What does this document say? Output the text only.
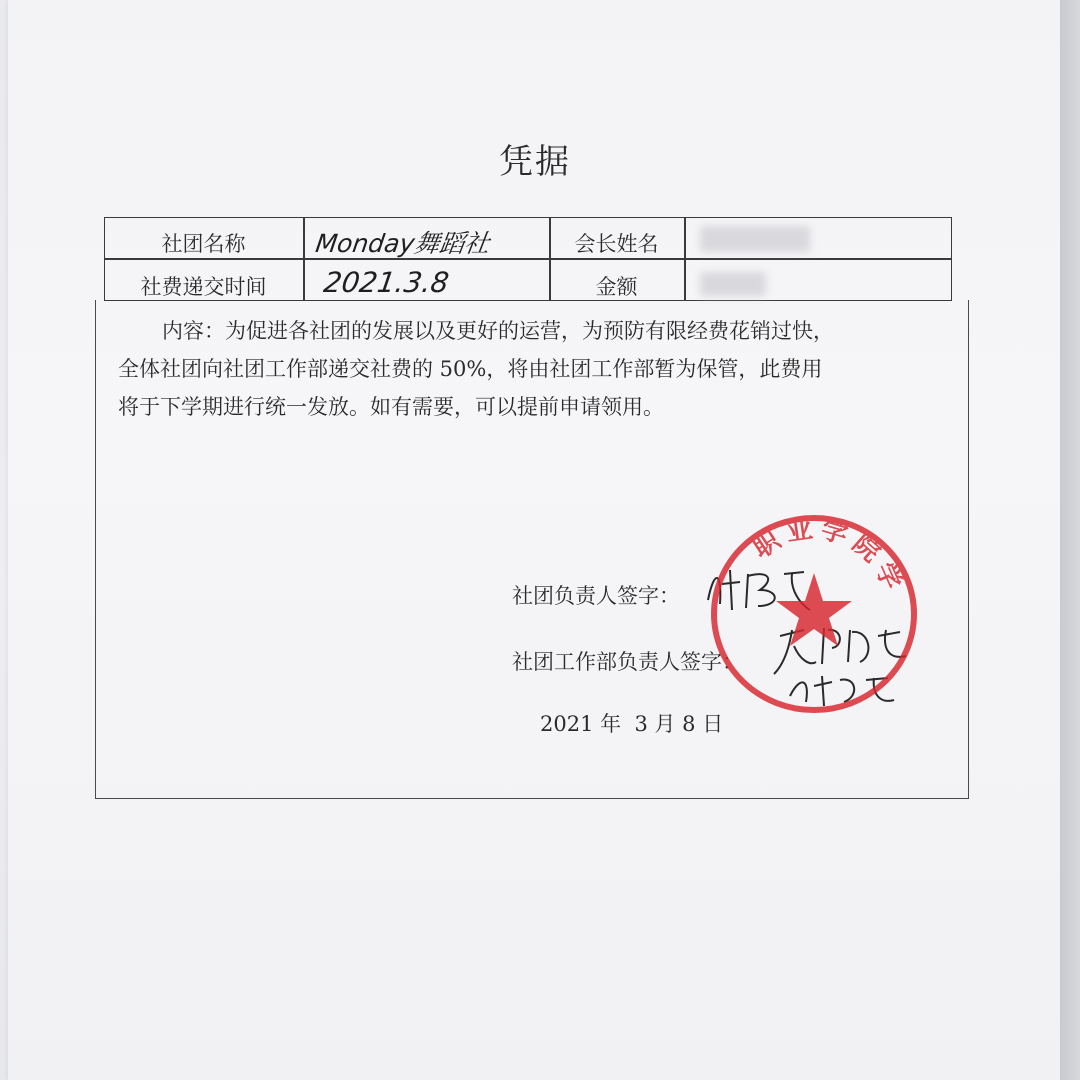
凭据
社团名称	Monday舞蹈社	会长姓名
社费递交时间	2021.3.8	金额
内容：为促进各社团的发展以及更好的运营，为预防有限经费花销过快，
全体社团向社团工作部递交社费的 50%，将由社团工作部暂为保管，此费用
将于下学期进行统一发放。如有需要，可以提前申请领用。
社团负责人签字：
社团工作部负责人签字：
2021 年  3 月 8 日
职业学院学
